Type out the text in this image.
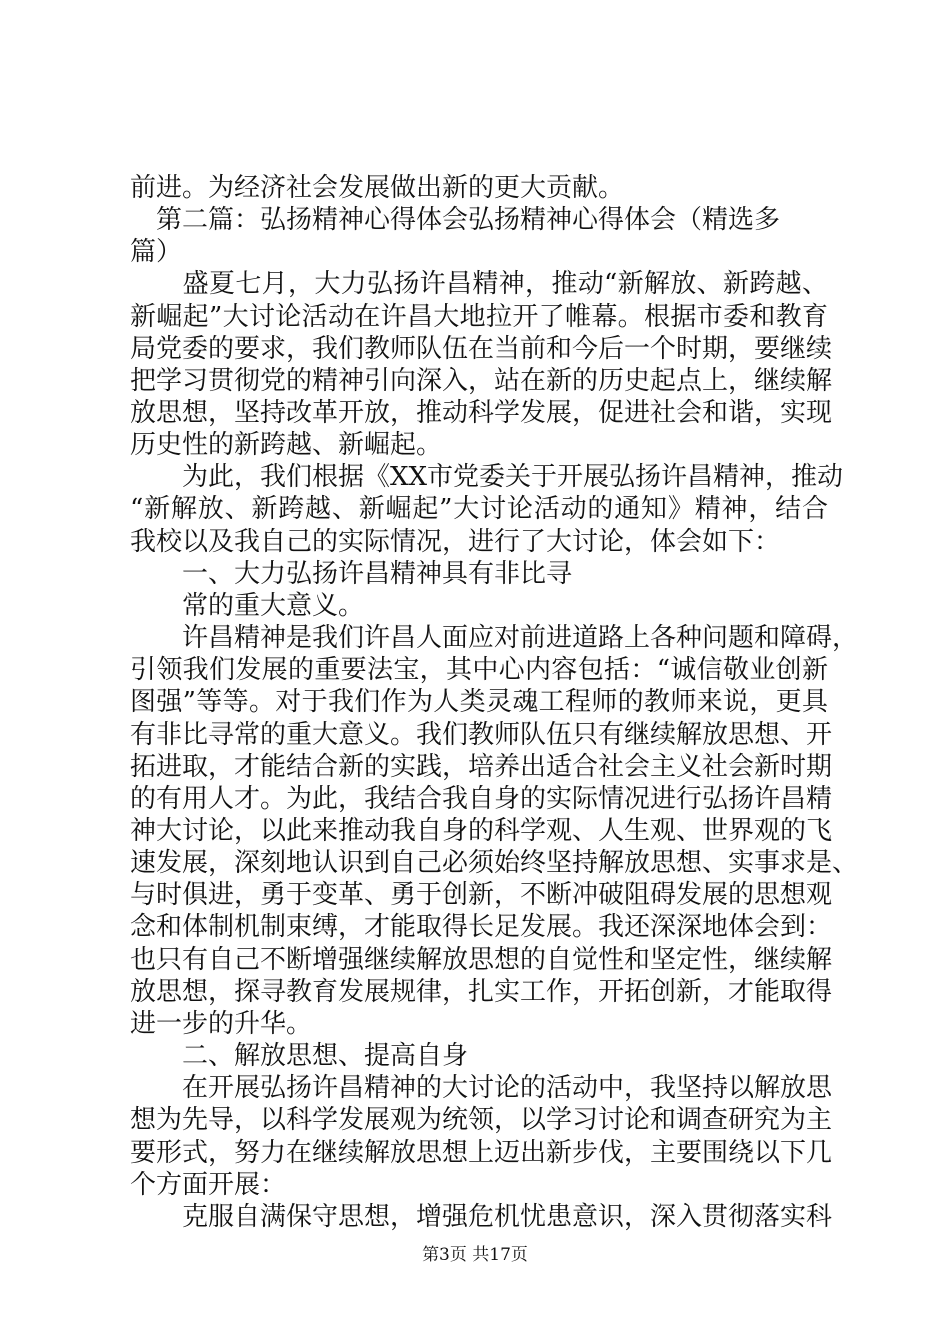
前进。为经济社会发展做出新的更大贡献。
　第二篇：弘扬精神心得体会弘扬精神心得体会（精选多
篇）
　　盛夏七月，大力弘扬许昌精神，推动“新解放、新跨越、
新崛起”大讨论活动在许昌大地拉开了帷幕。根据市委和教育
局党委的要求，我们教师队伍在当前和今后一个时期，要继续
把学习贯彻党的精神引向深入，站在新的历史起点上，继续解
放思想，坚持改革开放，推动科学发展，促进社会和谐，实现
历史性的新跨越、新崛起。
　　为此，我们根据《XX市党委关于开展弘扬许昌精神，推动
“新解放、新跨越、新崛起”大讨论活动的通知》精神，结合
我校以及我自己的实际情况，进行了大讨论，体会如下：
　　一、大力弘扬许昌精神具有非比寻
　　常的重大意义。
　　许昌精神是我们许昌人面应对前进道路上各种问题和障碍，
引领我们发展的重要法宝，其中心内容包括：“诚信敬业创新
图强”等等。对于我们作为人类灵魂工程师的教师来说，更具
有非比寻常的重大意义。我们教师队伍只有继续解放思想、开
拓进取，才能结合新的实践，培养出适合社会主义社会新时期
的有用人才。为此，我结合我自身的实际情况进行弘扬许昌精
神大讨论，以此来推动我自身的科学观、人生观、世界观的飞
速发展，深刻地认识到自己必须始终坚持解放思想、实事求是、
与时俱进，勇于变革、勇于创新，不断冲破阻碍发展的思想观
念和体制机制束缚，才能取得长足发展。我还深深地体会到：
也只有自己不断增强继续解放思想的自觉性和坚定性，继续解
放思想，探寻教育发展规律，扎实工作，开拓创新，才能取得
进一步的升华。
　　二、解放思想、提高自身
　　在开展弘扬许昌精神的大讨论的活动中，我坚持以解放思
想为先导，以科学发展观为统领，以学习讨论和调查研究为主
要形式，努力在继续解放思想上迈出新步伐，主要围绕以下几
个方面开展：
　　克服自满保守思想，增强危机忧患意识，深入贯彻落实科
第3页 共17页
